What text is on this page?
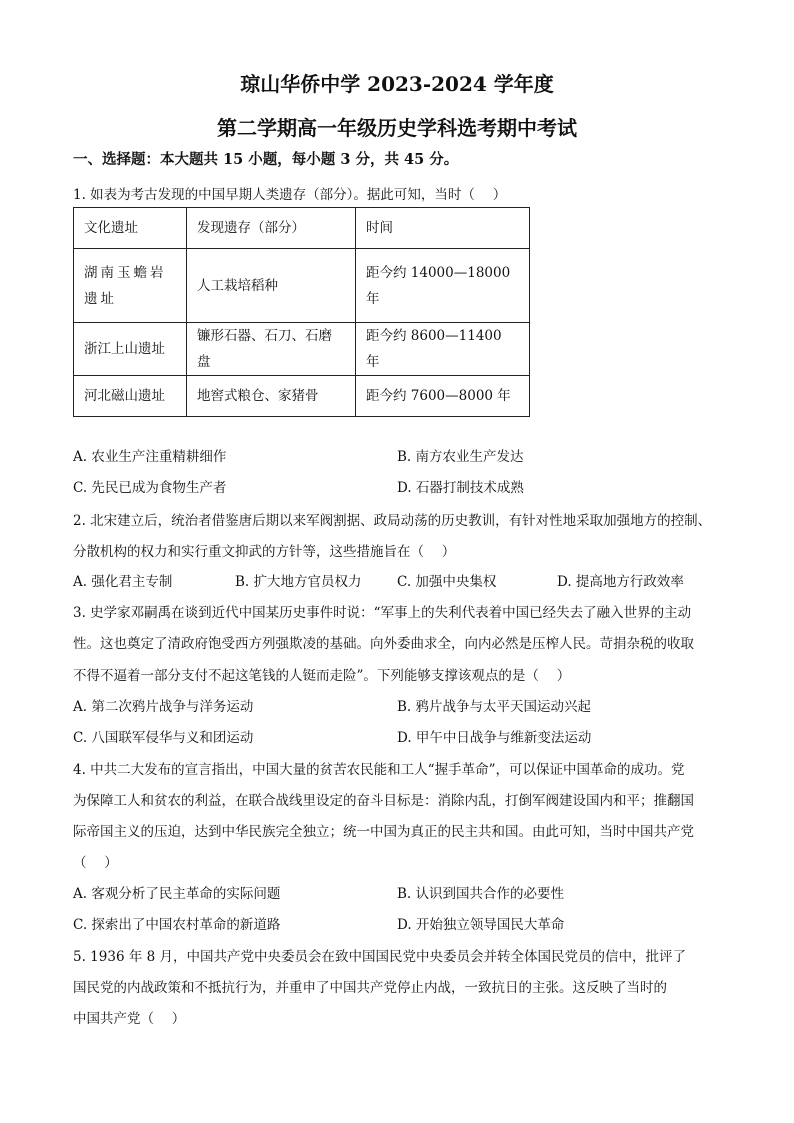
琼山华侨中学 2023-2024 学年度
第二学期高一年级历史学科选考期中考试
一、选择题：本大题共 15 小题，每小题 3 分，共 45 分。
1. 如表为考古发现的中国早期人类遗存（部分）。据此可知，当时（　 ）
文化遗址	发现遗存（部分）	时间
湖南玉蟾岩遗址	人工栽培稻种	距今约 14000—18000 年
浙江上山遗址	镰形石器、石刀、石磨盘	距今约 8600—11400 年
河北磁山遗址	地窖式粮仓、家猪骨	距今约 7600—8000 年
A. 农业生产注重精耕细作	B. 南方农业生产发达
C. 先民已成为食物生产者	D. 石器打制技术成熟
2. 北宋建立后，统治者借鉴唐后期以来军阀割据、政局动荡的历史教训，有针对性地采取加强地方的控制、
分散机构的权力和实行重文抑武的方针等，这些措施旨在（　 ）
A. 强化君主专制	B. 扩大地方官员权力	C. 加强中央集权	D. 提高地方行政效率
3. 史学家邓嗣禹在谈到近代中国某历史事件时说：“军事上的失利代表着中国已经失去了融入世界的主动
性。这也奠定了清政府饱受西方列强欺凌的基础。向外委曲求全，向内必然是压榨人民。苛捐杂税的收取
不得不逼着一部分支付不起这笔钱的人铤而走险”。下列能够支撑该观点的是（　 ）
A. 第二次鸦片战争与洋务运动	B. 鸦片战争与太平天国运动兴起
C. 八国联军侵华与义和团运动	D. 甲午中日战争与维新变法运动
4. 中共二大发布的宣言指出，中国大量的贫苦农民能和工人“握手革命”，可以保证中国革命的成功。党
为保障工人和贫农的利益，在联合战线里设定的奋斗目标是：消除内乱，打倒军阀建设国内和平；推翻国
际帝国主义的压迫，达到中华民族完全独立；统一中国为真正的民主共和国。由此可知，当时中国共产党
（　 ）
A. 客观分析了民主革命的实际问题	B. 认识到国共合作的必要性
C. 探索出了中国农村革命的新道路	D. 开始独立领导国民大革命
5. 1936 年 8 月，中国共产党中央委员会在致中国国民党中央委员会并转全体国民党员的信中，批评了
国民党的内战政策和不抵抗行为，并重申了中国共产党停止内战，一致抗日的主张。这反映了当时的
中国共产党（　 ）
